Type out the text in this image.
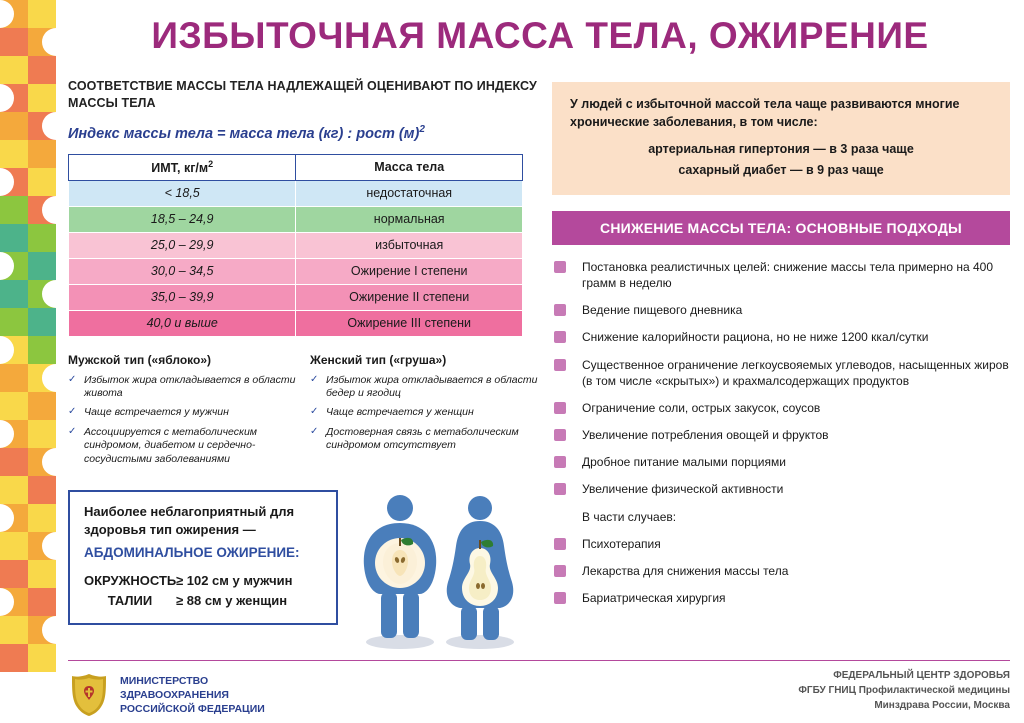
ИЗБЫТОЧНАЯ МАССА ТЕЛА, ОЖИРЕНИЕ
СООТВЕТСТВИЕ МАССЫ ТЕЛА НАДЛЕЖАЩЕЙ ОЦЕНИВАЮТ ПО ИНДЕКСУ МАССЫ ТЕЛА
Индекс массы тела = масса тела (кг) : рост $(м)^2$
ИМТ, $кг/м^2$	Масса тела
< 18,5	недостаточная
18,5 – 24,9	нормальная
25,0 – 29,9	избыточная
30,0 – 34,5	Ожирение I степени
35,0 – 39,9	Ожирение II степени
40,0 и выше	Ожирение III степени
Мужской тип («яблоко»)
✓ Избыток жира откладывается в области живота
✓ Чаще встречается у мужчин
✓ Ассоциируется с метаболическим синдромом, диабетом и сердечно-сосудистыми заболеваниями
Женский тип («груша»)
✓ Избыток жира откладывается в области бедер и ягодиц
✓ Чаще встречается у женщин
✓ Достоверная связь с метаболическим синдромом отсутствует
Наиболее неблагоприятный для здоровья тип ожирения —
АБДОМИНАЛЬНОЕ ОЖИРЕНИЕ:
ОКРУЖНОСТЬ ТАЛИИ
≥ 102 см у мужчин
≥ 88 см у женщин
У людей с избыточной массой тела чаще развиваются многие хронические заболевания, в том числе:
артериальная гипертония — в 3 раза чаще
сахарный диабет — в 9 раз чаще
СНИЖЕНИЕ МАССЫ ТЕЛА: ОСНОВНЫЕ ПОДХОДЫ
Постановка реалистичных целей: снижение массы тела примерно на 400 грамм в неделю
Ведение пищевого дневника
Снижение калорийности рациона, но не ниже 1200 ккал/сутки
Существенное ограничение легкоусвояемых углеводов, насыщенных жиров (в том числе «скрытых») и крахмалсодержащих продуктов
Ограничение соли, острых закусок, соусов
Увеличение потребления овощей и фруктов
Дробное питание малыми порциями
Увеличение физической активности
В части случаев:
Психотерапия
Лекарства для снижения массы тела
Бариатрическая хирургия
МИНИСТЕРСТВО
ЗДРАВООХРАНЕНИЯ
РОССИЙСКОЙ ФЕДЕРАЦИИ
ФЕДЕРАЛЬНЫЙ ЦЕНТР ЗДОРОВЬЯ
ФГБУ ГНИЦ Профилактической медицины
Минздрава России, Москва
